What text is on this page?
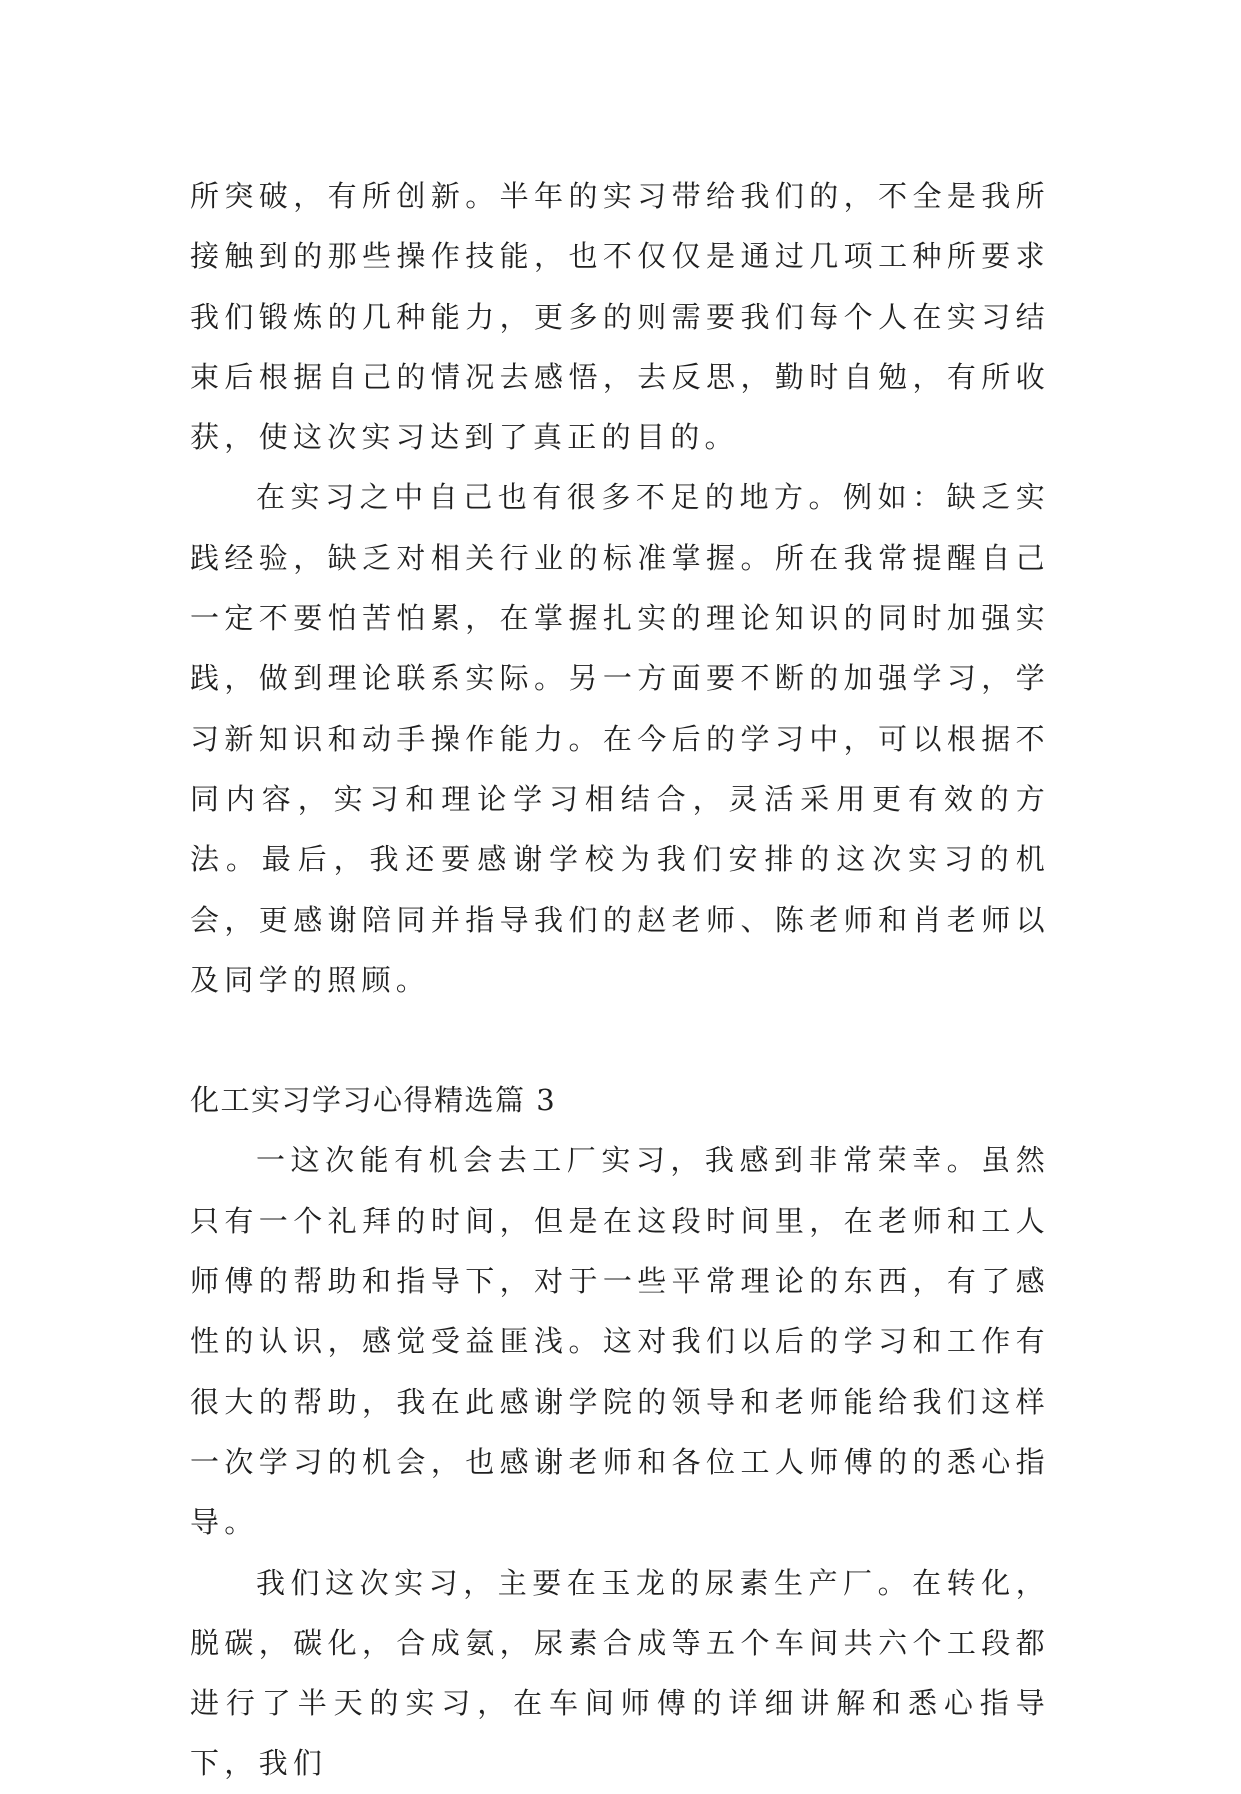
所突破，有所创新。半年的实习带给我们的，不全是我所接触到的那些操作技能，也不仅仅是通过几项工种所要求我们锻炼的几种能力，更多的则需要我们每个人在实习结束后根据自己的情况去感悟，去反思，勤时自勉，有所收获，使这次实习达到了真正的目的。

在实习之中自己也有很多不足的地方。例如：缺乏实践经验，缺乏对相关行业的标准掌握。所在我常提醒自己一定不要怕苦怕累，在掌握扎实的理论知识的同时加强实践，做到理论联系实际。另一方面要不断的加强学习，学习新知识和动手操作能力。在今后的学习中，可以根据不同内容，实习和理论学习相结合，灵活采用更有效的方法。最后，我还要感谢学校为我们安排的这次实习的机会，更感谢陪同并指导我们的赵老师、陈老师和肖老师以及同学的照顾。

化工实习学习心得精选篇 3

一这次能有机会去工厂实习，我感到非常荣幸。虽然只有一个礼拜的时间，但是在这段时间里，在老师和工人师傅的帮助和指导下，对于一些平常理论的东西，有了感性的认识，感觉受益匪浅。这对我们以后的学习和工作有很大的帮助，我在此感谢学院的领导和老师能给我们这样一次学习的机会，也感谢老师和各位工人师傅的的悉心指导。

我们这次实习，主要在玉龙的尿素生产厂。在转化，脱碳，碳化，合成氨，尿素合成等五个车间共六个工段都进行了半天的实习，在车间师傅的详细讲解和悉心指导下，我们
